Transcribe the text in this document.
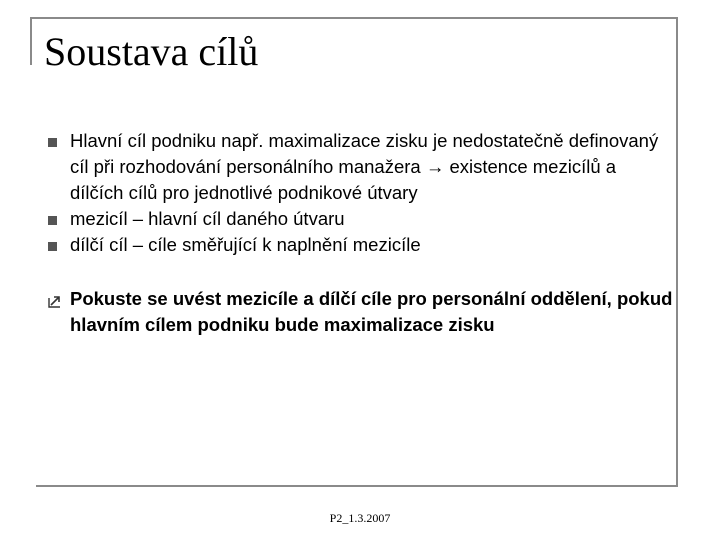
Soustava cílů
Hlavní cíl podniku např. maximalizace zisku je nedostatečně definovaný cíl při rozhodování personálního manažera → existence mezicílů a dílčích cílů pro jednotlivé podnikové útvary
mezicíl – hlavní cíl daného útvaru
dílčí cíl – cíle směřující k naplnění mezicíle
Pokuste se uvést mezicíle a dílčí cíle pro personální oddělení, pokud hlavním cílem podniku bude maximalizace zisku
P2_1.3.2007
